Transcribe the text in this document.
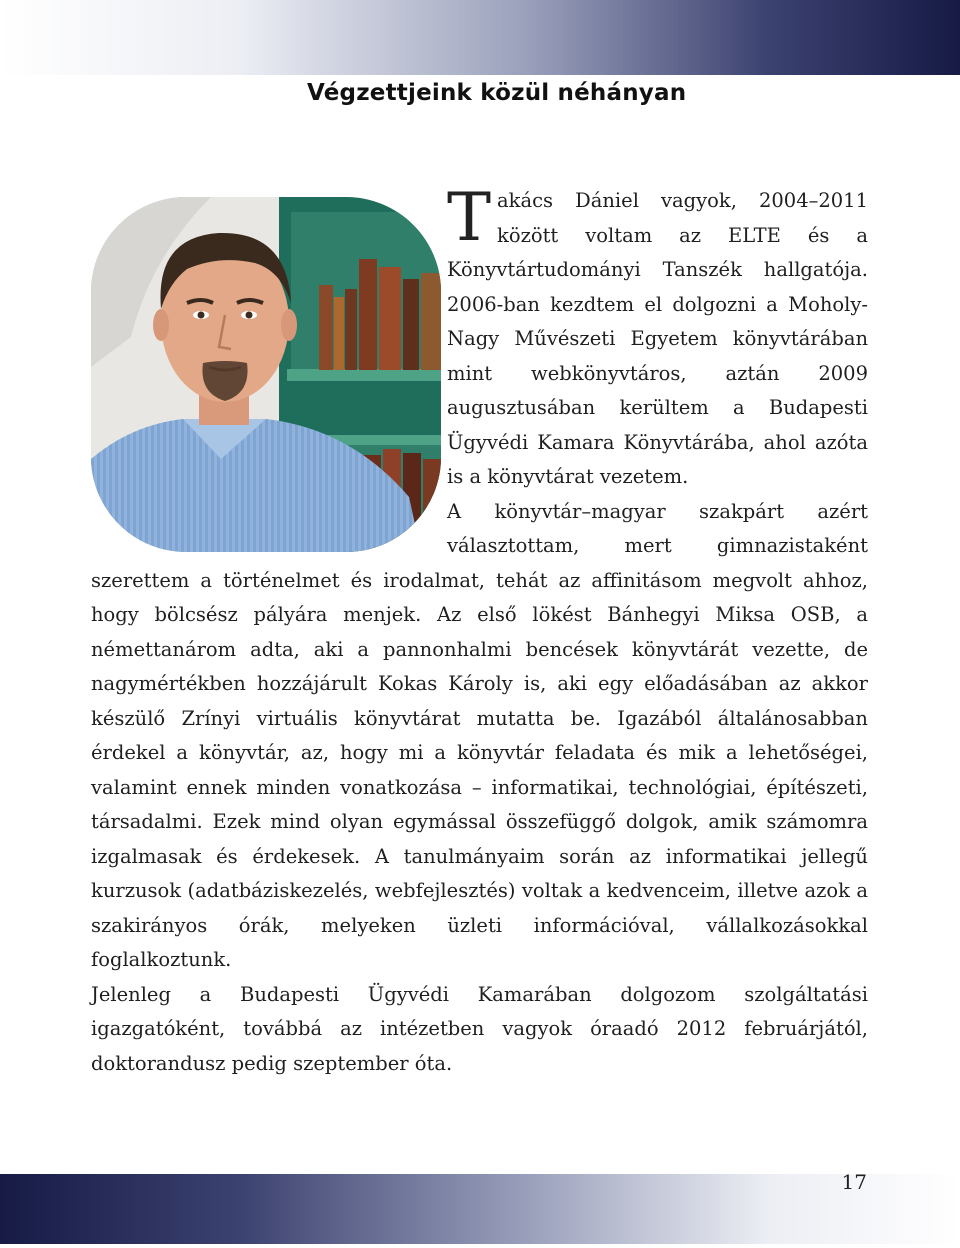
Végzettjeink közül néhányan

Takács Dániel vagyok, 2004–2011 között voltam az ELTE és a Könyvtártudományi Tanszék hallgatója. 2006-ban kezdtem el dolgozni a Moholy-Nagy Művészeti Egyetem könyvtárában mint webkönyvtáros, aztán 2009 augusztusában kerültem a Budapesti Ügyvédi Kamara Könyvtárába, ahol azóta is a könyvtárat vezetem.

A könyvtár–magyar szakpárt azért választottam, mert gimnazistaként szerettem a történelmet és irodalmat, tehát az affinitásom megvolt ahhoz, hogy bölcsész pályára menjek. Az első lökést Bánhegyi Miksa OSB, a némettanárom adta, aki a pannonhalmi bencések könyvtárát vezette, de nagymértékben hozzájárult Kokas Károly is, aki egy előadásában az akkor készülő Zrínyi virtuális könyvtárat mutatta be. Igazából általánosabban érdekel a könyvtár, az, hogy mi a könyvtár feladata és mik a lehetőségei, valamint ennek minden vonatkozása – informatikai, technológiai, építészeti, társadalmi. Ezek mind olyan egymással összefüggő dolgok, amik számomra izgalmasak és érdekesek. A tanulmányaim során az informatikai jellegű kurzusok (adatbáziskezelés, webfejlesztés) voltak a kedvenceim, illetve azok a szakirányos órák, melyeken üzleti információval, vállalkozásokkal foglalkoztunk.

Jelenleg a Budapesti Ügyvédi Kamarában dolgozom szolgáltatási igazgatóként, továbbá az intézetben vagyok óraadó 2012 februárjától, doktorandusz pedig szeptember óta.

17
